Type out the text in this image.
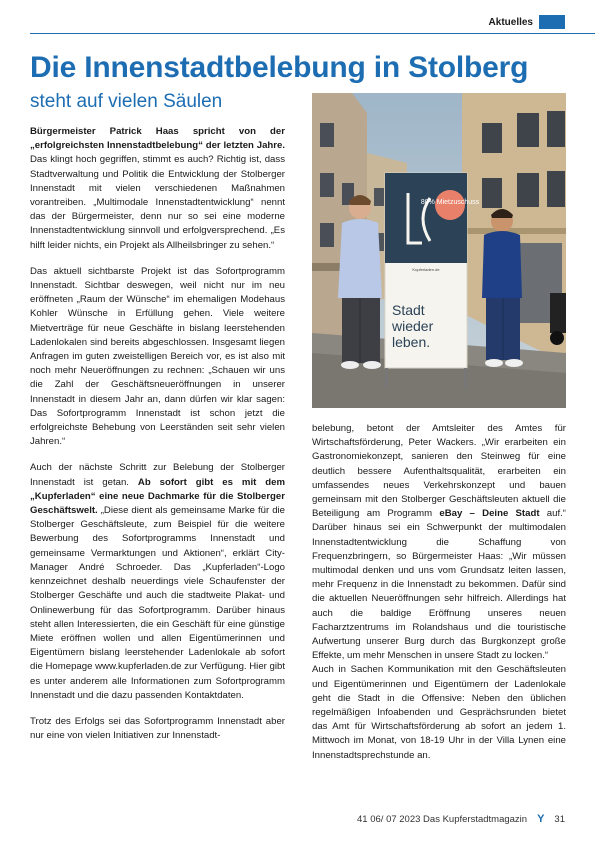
Aktuelles
Die Innenstadtbelebung in Stolberg
steht auf vielen Säulen

Bürgermeister Patrick Haas spricht von der „erfolgreichsten Innenstadtbelebung“ der letzten Jahre. Das klingt hoch gegriffen, stimmt es auch? Richtig ist, dass Stadtverwaltung und Politik die Entwicklung der Stolberger Innenstadt mit vielen verschiedenen Maßnahmen vorantreiben. „Multimodale Innenstadtentwicklung“ nennt das der Bürgermeister, denn nur so sei eine moderne Innenstadtentwicklung sinnvoll und erfolgversprechend. „Es hilft leider nichts, ein Projekt als Allheilsbringer zu sehen.“

Das aktuell sichtbarste Projekt ist das Sofortprogramm Innenstadt. Sichtbar deswegen, weil nicht nur im neu eröffneten „Raum der Wünsche“ im ehemaligen Modehaus Kohler Wünsche in Erfüllung gehen. Viele weitere Mietverträge für neue Geschäfte in bislang leerstehenden Ladenlokalen sind bereits abgeschlossen. Insgesamt liegen Anfragen im guten zweistelligen Bereich vor, es ist also mit noch mehr Neueröffnungen zu rechnen: „Schauen wir uns die Zahl der Geschäftsneueröffnungen in unserer Innenstadt in diesem Jahr an, dann dürfen wir klar sagen: Das Sofortprogramm Innenstadt ist schon jetzt die erfolgreichste Behebung von Leerständen seit sehr vielen Jahren.“

Auch der nächste Schritt zur Belebung der Stolberger Innenstadt ist getan. Ab sofort gibt es mit dem „Kupferladen“ eine neue Dachmarke für die Stolberger Geschäftswelt. „Diese dient als gemeinsame Marke für die Stolberger Geschäftsleute, zum Beispiel für die weitere Bewerbung des Sofortprogramms Innenstadt und gemeinsame Vermarktungen und Aktionen“, erklärt City-Manager André Schroeder. Das „Kupferladen“-Logo kennzeichnet deshalb neuerdings viele Schaufenster der Stolberger Geschäfte und auch die stadtweite Plakat- und Onlinewerbung für das Sofortprogramm. Darüber hinaus steht allen Interessierten, die ein Geschäft für eine günstige Miete eröffnen wollen und allen Eigentümerinnen und Eigentümern bislang leerstehender Ladenlokale ab sofort die Homepage www.kupferladen.de zur Verfügung. Hier gibt es unter anderem alle Informationen zum Sofortprogramm Innenstadt und die dazu passenden Kontaktdaten.

Trotz des Erfolgs sei das Sofortprogramm Innenstadt aber nur eine von vielen Initiativen zur Innenstadt-

80% Mietzuschuss
Kupferladen.de
Stadt
wieder
leben.

belebung, betont der Amtsleiter des Amtes für Wirtschaftsförderung, Peter Wackers. „Wir erarbeiten ein Gastronomiekonzept, sanieren den Steinweg für eine deutlich bessere Aufenthaltsqualität, erarbeiten ein umfassendes neues Verkehrskonzept und bauen gemeinsam mit den Stolberger Geschäftsleuten aktuell die Beteiligung am Programm eBay – Deine Stadt auf.“ Darüber hinaus sei ein Schwerpunkt der multimodalen Innenstadtentwicklung die Schaffung von Frequenzbringern, so Bürgermeister Haas: „Wir müssen multimodal denken und uns vom Grundsatz leiten lassen, mehr Frequenz in die Innenstadt zu bekommen. Dafür sind die aktuellen Neueröffnungen sehr hilfreich. Allerdings hat auch die baldige Eröffnung unseres neuen Facharztzentrums im Rolandshaus und die touristische Aufwertung unserer Burg durch das Burgkonzept große Effekte, um mehr Menschen in unsere Stadt zu locken.“

Auch in Sachen Kommunikation mit den Geschäftsleuten und Eigentümerinnen und Eigentümern der Ladenlokale geht die Stadt in die Offensive: Neben den üblichen regelmäßigen Infoabenden und Gesprächsrunden bietet das Amt für Wirtschaftsförderung ab sofort an jedem 1. Mittwoch im Monat, von 18-19 Uhr in der Villa Lynen eine Innenstadtsprechstunde an.

41 06/ 07 2023 Das Kupferstadtmagazin Y 31
